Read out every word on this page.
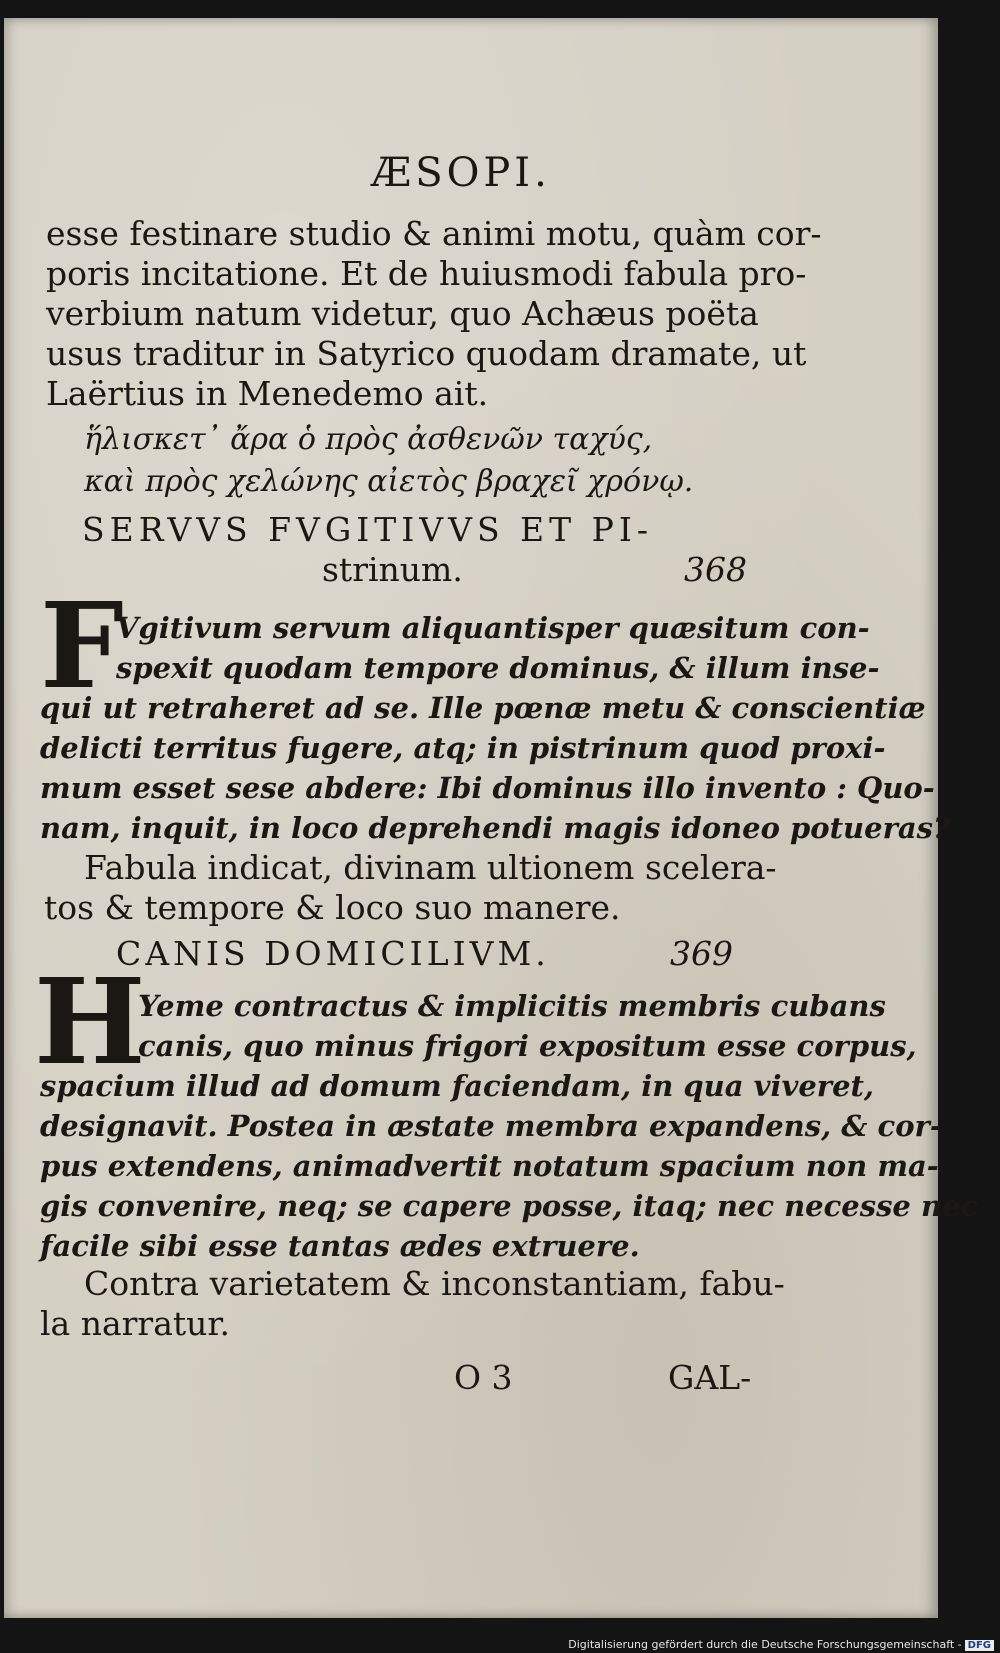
ÆSOPI.
esse festinare studio & animi motu, quàm cor-
poris incitatione. Et de huiusmodi fabula pro-
verbium natum videtur, quo Achæus poëta
usus traditur in Satyrico quodam dramate, ut
Laërtius in Menedemo ait.
ἥλισκετ᾽ ἄρα ὁ πρὸς ἀσθενῶν ταχύς,
καὶ πρὸς χελώνης αἰετὸς βραχεῖ χρόνῳ.
SERVVS FVGITIVVS ET PI-
strinum.	368
F
Vgitivum servum aliquantisper quæsitum con-
spexit quodam tempore dominus, & illum inse-
qui ut retraheret ad se. Ille pœnæ metu & conscientiæ
delicti territus fugere, atq; in pistrinum quod proxi-
mum esset sese abdere: Ibi dominus illo invento : Quo-
nam, inquit, in loco deprehendi magis idoneo potueras?
Fabula indicat, divinam ultionem scelera-
tos & tempore & loco suo manere.
CANIS DOMICILIVM.	369
H
Yeme contractus & implicitis membris cubans
canis, quo minus frigori expositum esse corpus,
spacium illud ad domum faciendam, in qua viveret,
designavit. Postea in æstate membra expandens, & cor-
pus extendens, animadvertit notatum spacium non ma-
gis convenire, neq; se capere posse, itaq; nec necesse nec
facile sibi esse tantas ædes extruere.
Contra varietatem & inconstantiam, fabu-
la narratur.
O 3	GAL-
Digitalisierung gefördert durch die Deutsche Forschungsgemeinschaft - DFG
